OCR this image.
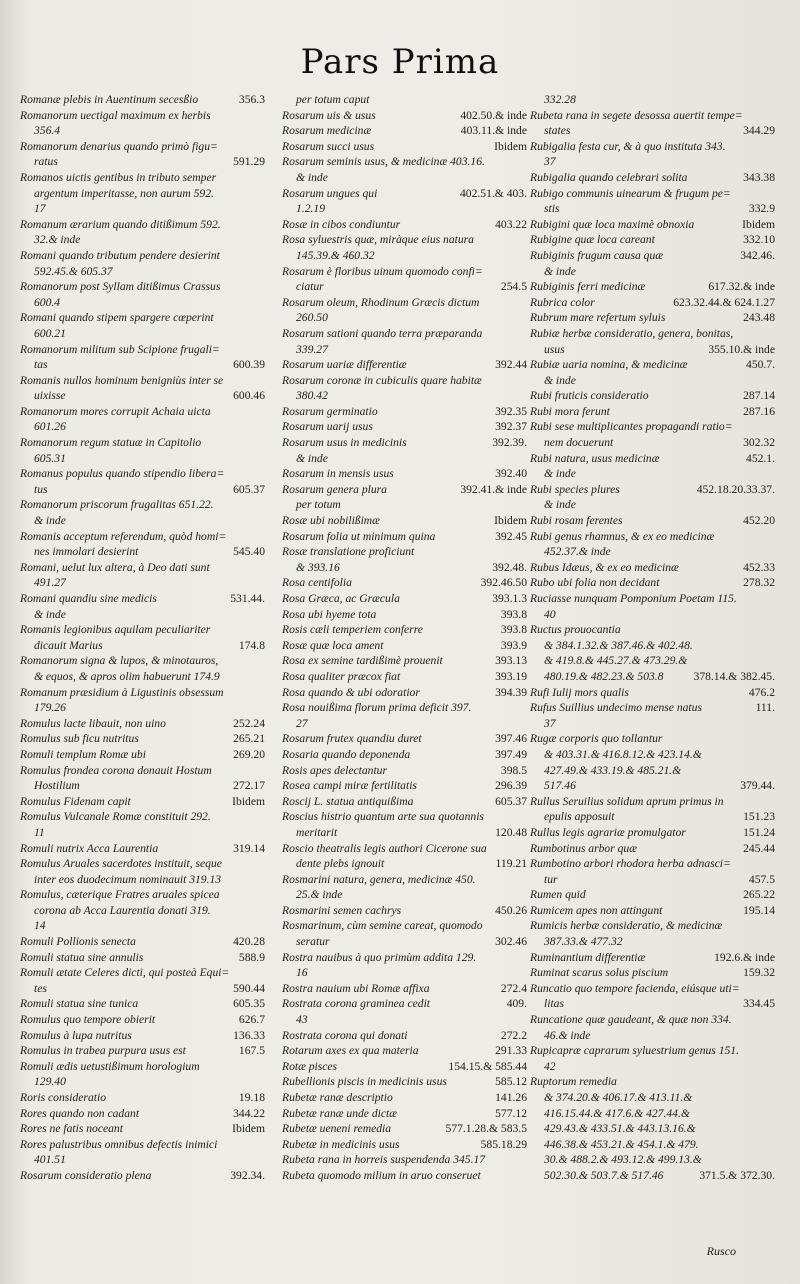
Pars Prima
356.3
Romanæ plebis in Auentinum secesßio
Romanorum uectigal maximum ex herbis
356.4
Romanorum denarius quando primò figu=
591.29
ratus
Romanos uictis gentibus in tributo semper
argentum imperitasse, non aurum 592.
17
Romanum ærarium quando ditißimum 592.
32.& inde
Romani quando tributum pendere desierint
592.45.& 605.37
Romanorum post Syllam ditißimus Crassus
600.4
Romani quando stipem spargere cœperint
600.21
Romanorum militum sub Scipione frugali=
600.39
tas
Romanis nullos hominum benigniùs inter se
600.46
uixisse
Romanorum mores corrupit Achaia uicta
601.26
Romanorum regum statuæ in Capitolio
605.31
Romanus populus quando stipendio libera=
605.37
tus
Romanorum priscorum frugalitas 651.22.
& inde
Romanis acceptum referendum, quòd homi=
545.40
nes immolari desierint
Romani, uelut lux altera, à Deo dati sunt
491.27
531.44.
Romani quandiu sine medicis
& inde
Romanis legionibus aquilam peculiariter
174.8
dicauit Marius
Romanorum signa & lupos, & minotauros,
& equos, & apros olim habuerunt 174.9
Romanum præsidium à Ligustinis obsessum
179.26
252.24
Romulus lacte libauit, non uino
265.21
Romulus sub ficu nutritus
269.20
Romuli templum Romæ ubi
Romulus frondea corona donauit Hostum
272.17
Hostilium
Ibidem
Romulus Fidenam capit
Romulus Vulcanale Romæ constituit 292.
11
319.14
Romuli nutrix Acca Laurentia
Romulus Aruales sacerdotes instituit, seque
inter eos duodecimum nominauit 319.13
Romulus, cæterique Fratres aruales spicea
corona ab Acca Laurentia donati 319.
14
420.28
Romuli Pollionis senecta
588.9
Romuli statua sine annulis
Romuli ætate Celeres dicti, qui posteà Equi=
590.44
tes
605.35
Romuli statua sine tunica
626.7
Romulus quo tempore obierit
136.33
Romulus à lupa nutritus
167.5
Romulus in trabea purpura usus est
Romuli ædis uetustißimum horologium
129.40
19.18
Roris consideratio
344.22
Rores quando non cadant
Ibidem
Rores ne fatis noceant
Rores palustribus omnibus defectis inimici
401.51
392.34.
Rosarum consideratio plena
per totum caput
402.50.& inde
Rosarum uis & usus
403.11.& inde
Rosarum medicinæ
Ibidem
Rosarum succi usus
Rosarum seminis usus, & medicinæ 403.16.
& inde
402.51.& 403.
Rosarum ungues qui
1.2.19
403.22
Rosæ in cibos condiuntur
Rosa syluestris quæ, miràque eius natura
145.39.& 460.32
Rosarum è floribus uinum quomodo confi=
254.5
ciatur
Rosarum oleum, Rhodinum Græcis dictum
260.50
Rosarum sationi quando terra præparanda
339.27
392.44
Rosarum uariæ differentiæ
Rosarum coronæ in cubiculis quare habitæ
380.42
392.35
Rosarum germinatio
392.37
Rosarum uarij usus
392.39.
Rosarum usus in medicinis
& inde
392.40
Rosarum in mensis usus
392.41.& inde
Rosarum genera plura
per totum
Ibidem
Rosæ ubi nobilißimæ
392.45
Rosarum folia ut minimum quina
Rosæ translatione proficiunt
392.48.
& 393.16
392.46.50
Rosa centifolia
393.1.3
Rosa Græca, ac Græcula
393.8
Rosa ubi hyeme tota
393.8
Rosis cæli temperiem conferre
393.9
Rosæ quæ loca ament
393.13
Rosa ex semine tardißimè prouenit
393.19
Rosa qualiter præcox fiat
394.39
Rosa quando & ubi odoratior
Rosa nouißima florum prima deficit 397.
27
397.46
Rosarum frutex quandiu duret
397.49
Rosaria quando deponenda
398.5
Rosis apes delectantur
296.39
Rosea campi miræ fertilitatis
605.37
Roscij L. statua antiquißima
Roscius histrio quantum arte sua quotannis
120.48
meritarit
Roscio theatralis legis authori Cicerone sua
119.21
dente plebs ignouit
Rosmarini natura, genera, medicinæ 450.
25.& inde
450.26
Rosmarini semen cachrys
Rosmarinum, cùm semine careat, quomodo
302.46
seratur
Rostra nauibus à quo primùm addita 129.
16
272.4
Rostra nauium ubi Romæ affixa
409.
Rostrata corona graminea cedit
43
272.2
Rostrata corona qui donati
291.33
Rotarum axes ex qua materia
154.15.& 585.44
Rotæ pisces
585.12
Rubellionis piscis in medicinis usus
141.26
Rubetæ ranæ descriptio
577.12
Rubetæ ranæ unde dictæ
577.1.28.& 583.5
Rubetæ ueneni remedia
585.18.29
Rubetæ in medicinis usus
Rubeta rana in horreis suspendenda 345.17
Rubeta quomodo milium in aruo conseruet
332.28
Rubeta rana in segete desossa auertit tempe=
344.29
states
Rubigalia festa cur, & à quo instituta 343.
37
343.38
Rubigalia quando celebrari solita
Rubigo communis uinearum & frugum pe=
332.9
stis
Ibidem
Rubigini quæ loca maximè obnoxia
332.10
Rubigine quæ loca careant
342.46.
Rubiginis frugum causa quæ
& inde
617.32.& inde
Rubiginis ferri medicinæ
623.32.44.& 624.1.27
Rubrica color
243.48
Rubrum mare refertum syluis
Rubiæ herbæ consideratio, genera, bonitas,
355.10.& inde
usus
450.7.
Rubiæ uaria nomina, & medicinæ
& inde
287.14
Rubi fruticis consideratio
287.16
Rubi mora ferunt
Rubi sese multiplicantes propagandi ratio=
302.32
nem docuerunt
452.1.
Rubi natura, usus medicinæ
& inde
452.18.20.33.37.
Rubi species plures
& inde
452.20
Rubi rosam ferentes
Rubi genus rhamnus, & ex eo medicinæ
452.37.& inde
452.33
Rubus Idæus, & ex eo medicinæ
278.32
Rubo ubi folia non decidant
Ruciasse nunquam Pomponium Poetam 115.
40
Ructus prouocantia
& 384.1.32.& 387.46.& 402.48.
& 419.8.& 445.27.& 473.29.&
378.14.& 382.45.
480.19.& 482.23.& 503.8
476.2
Rufi Iulij mors qualis
111.
Rufus Suillius undecimo mense natus
37
Rugæ corporis quo tollantur
& 403.31.& 416.8.12.& 423.14.&
427.49.& 433.19.& 485.21.&
379.44.
517.46
Rullus Seruilius solidum aprum primus in
151.23
epulis apposuit
151.24
Rullus legis agrariæ promulgator
245.44
Rumbotinus arbor quæ
Rumbotino arbori rhodora herba adnasci=
457.5
tur
265.22
Rumen quid
195.14
Rumicem apes non attingunt
Rumicis herbæ consideratio, & medicinæ
387.33.& 477.32
192.6.& inde
Ruminantium differentiæ
159.32
Ruminat scarus solus piscium
Runcatio quo tempore facienda, eiúsque uti=
334.45
litas
Runcatione quæ gaudeant, & quæ non 334.
46.& inde
Rupicapræ caprarum syluestrium genus 151.
42
Ruptorum remedia
& 374.20.& 406.17.& 413.11.&
416.15.44.& 417.6.& 427.44.&
429.43.& 433.51.& 443.13.16.&
446.38.& 453.21.& 454.1.& 479.
30.& 488.2.& 493.12.& 499.13.&
371.5.& 372.30.
502.30.& 503.7.& 517.46
Rusco
